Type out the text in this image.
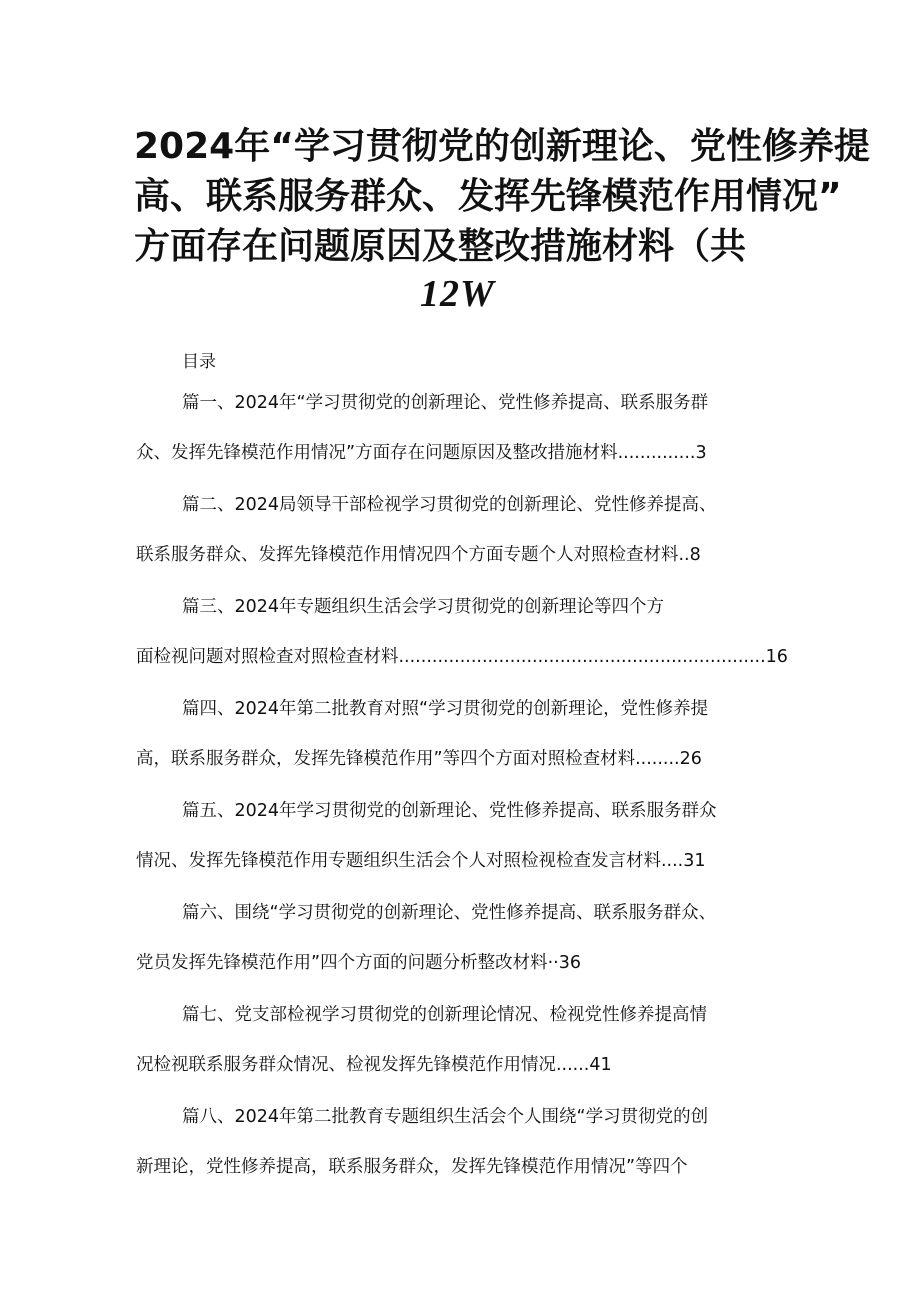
2024年“学习贯彻党的创新理论、党性修养提
高、联系服务群众、发挥先锋模范作用情况”
方面存在问题原因及整改措施材料（共
12W
目录
篇一、2024年“学习贯彻党的创新理论、党性修养提高、联系服务群
众、发挥先锋模范作用情况”方面存在问题原因及整改措施材料..............3
篇二、2024局领导干部检视学习贯彻党的创新理论、党性修养提高、
联系服务群众、发挥先锋模范作用情况四个方面专题个人对照检查材料..8
篇三、2024年专题组织生活会学习贯彻党的创新理论等四个方
面检视问题对照检查对照检查材料..................................................................16
篇四、2024年第二批教育对照“学习贯彻党的创新理论，党性修养提
高，联系服务群众，发挥先锋模范作用”等四个方面对照检查材料........26
篇五、2024年学习贯彻党的创新理论、党性修养提高、联系服务群众
情况、发挥先锋模范作用专题组织生活会个人对照检视检查发言材料....31
篇六、围绕“学习贯彻党的创新理论、党性修养提高、联系服务群众、
党员发挥先锋模范作用”四个方面的问题分析整改材料··36
篇七、党支部检视学习贯彻党的创新理论情况、检视党性修养提高情
况检视联系服务群众情况、检视发挥先锋模范作用情况......41
篇八、2024年第二批教育专题组织生活会个人围绕“学习贯彻党的创
新理论，党性修养提高，联系服务群众，发挥先锋模范作用情况”等四个
